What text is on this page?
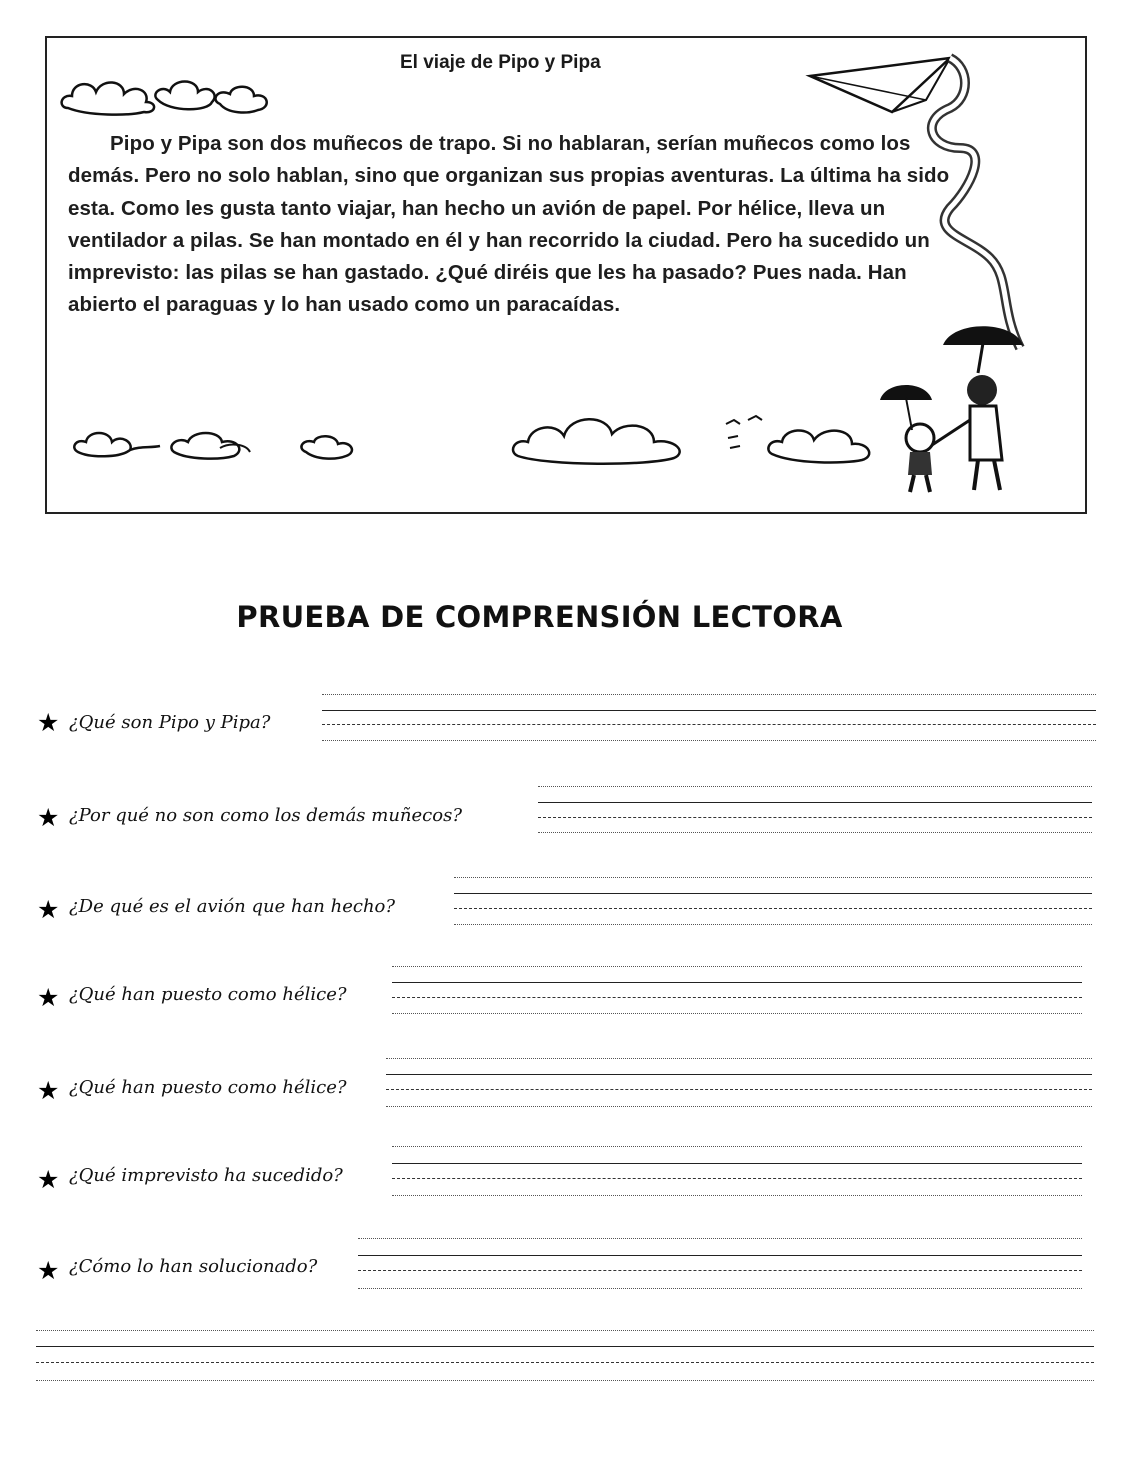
El viaje de Pipo y Pipa
Pipo y Pipa son dos muñecos de trapo. Si no hablaran, serían muñecos como los demás. Pero no solo hablan, sino que organizan sus propias aventuras. La última ha sido esta. Como les gusta tanto viajar, han hecho un avión de papel. Por hélice, lleva un ventilador a pilas. Se han montado en él y han recorrido la ciudad. Pero ha sucedido un imprevisto: las pilas se han gastado. ¿Qué diréis que les ha pasado? Pues nada. Han abierto el paraguas y lo han usado como un paracaídas.
PRUEBA DE COMPRENSIÓN LECTORA
★ ¿Qué son Pipo y Pipa?
★ ¿Por qué no son como los demás muñecos?
★ ¿De qué es el avión que han hecho?
★ ¿Qué han puesto como hélice?
★ ¿Qué han puesto como hélice?
★ ¿Qué imprevisto ha sucedido?
★ ¿Cómo lo han solucionado?
